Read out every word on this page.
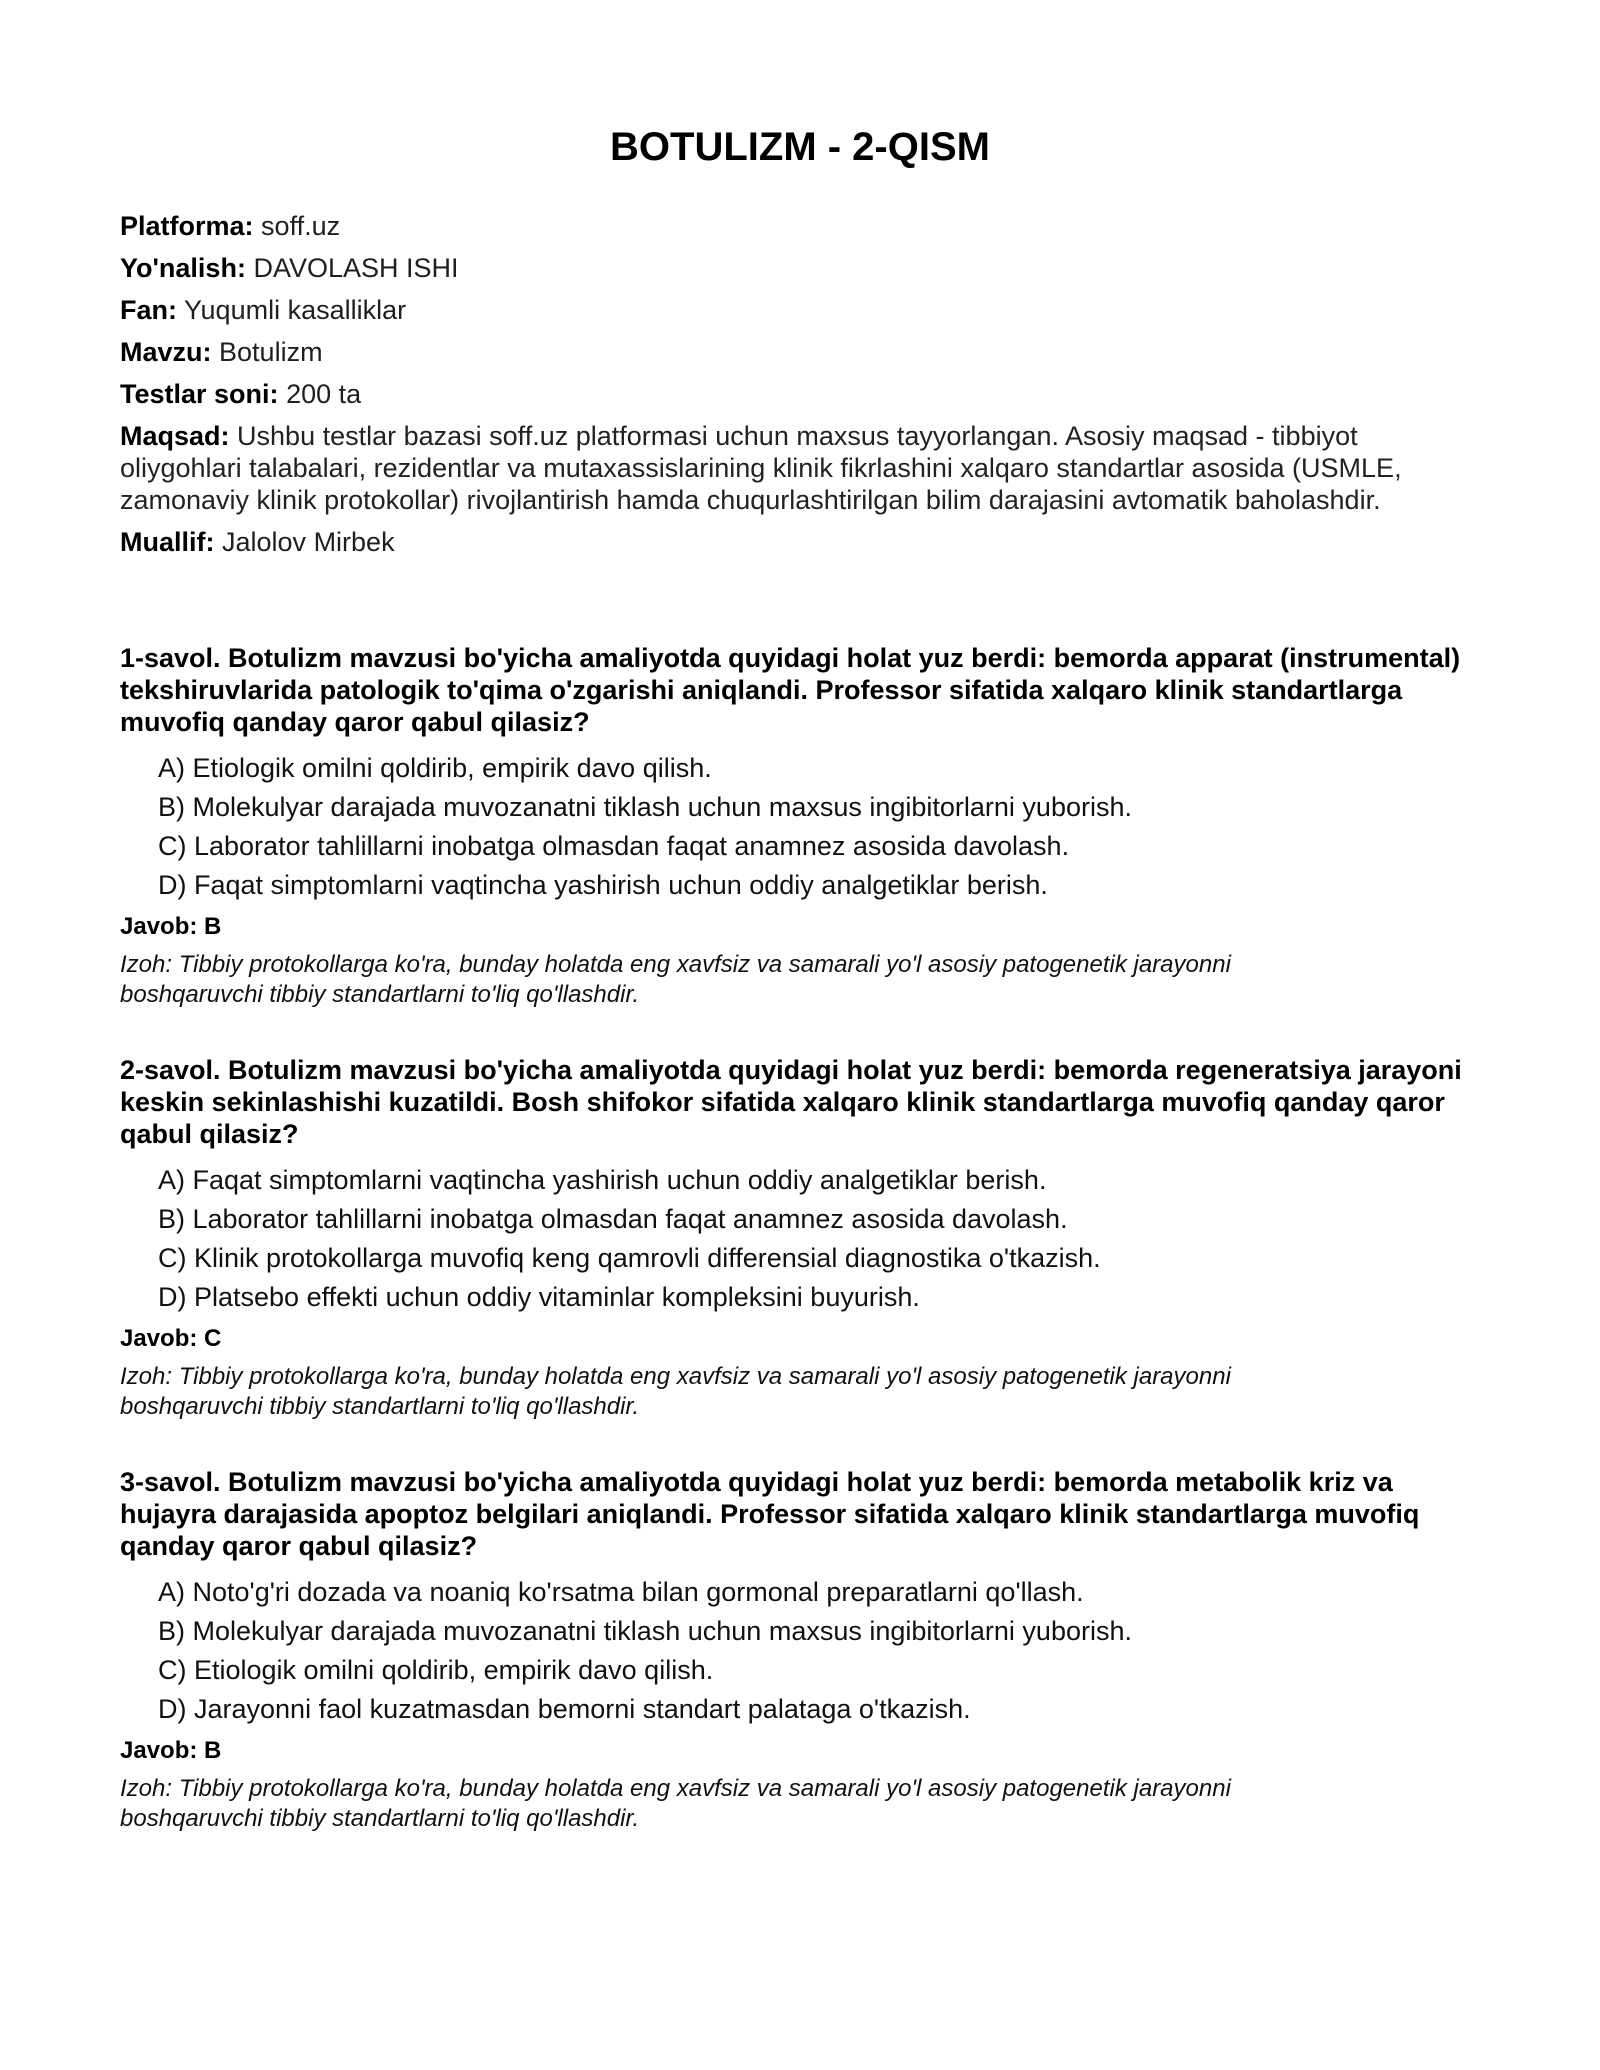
BOTULIZM - 2-QISM

Platforma: soff.uz

Yo'nalish: DAVOLASH ISHI

Fan: Yuqumli kasalliklar

Mavzu: Botulizm

Testlar soni: 200 ta

Maqsad: Ushbu testlar bazasi soff.uz platformasi uchun maxsus tayyorlangan. Asosiy maqsad - tibbiyot oliygohlari talabalari, rezidentlar va mutaxassislarining klinik fikrlashini xalqaro standartlar asosida (USMLE, zamonaviy klinik protokollar) rivojlantirish hamda chuqurlashtirilgan bilim darajasini avtomatik baholashdir.

Muallif: Jalolov Mirbek

1-savol. Botulizm mavzusi bo'yicha amaliyotda quyidagi holat yuz berdi: bemorda apparat (instrumental) tekshiruvlarida patologik to'qima o'zgarishi aniqlandi. Professor sifatida xalqaro klinik standartlarga muvofiq qanday qaror qabul qilasiz?

A) Etiologik omilni qoldirib, empirik davo qilish.
B) Molekulyar darajada muvozanatni tiklash uchun maxsus ingibitorlarni yuborish.
C) Laborator tahlillarni inobatga olmasdan faqat anamnez asosida davolash.
D) Faqat simptomlarni vaqtincha yashirish uchun oddiy analgetiklar berish.

Javob: B

Izoh: Tibbiy protokollarga ko'ra, bunday holatda eng xavfsiz va samarali yo'l asosiy patogenetik jarayonni boshqaruvchi tibbiy standartlarni to'liq qo'llashdir.

2-savol. Botulizm mavzusi bo'yicha amaliyotda quyidagi holat yuz berdi: bemorda regeneratsiya jarayoni keskin sekinlashishi kuzatildi. Bosh shifokor sifatida xalqaro klinik standartlarga muvofiq qanday qaror qabul qilasiz?

A) Faqat simptomlarni vaqtincha yashirish uchun oddiy analgetiklar berish.
B) Laborator tahlillarni inobatga olmasdan faqat anamnez asosida davolash.
C) Klinik protokollarga muvofiq keng qamrovli differensial diagnostika o'tkazish.
D) Platsebo effekti uchun oddiy vitaminlar kompleksini buyurish.

Javob: C

Izoh: Tibbiy protokollarga ko'ra, bunday holatda eng xavfsiz va samarali yo'l asosiy patogenetik jarayonni boshqaruvchi tibbiy standartlarni to'liq qo'llashdir.

3-savol. Botulizm mavzusi bo'yicha amaliyotda quyidagi holat yuz berdi: bemorda metabolik kriz va hujayra darajasida apoptoz belgilari aniqlandi. Professor sifatida xalqaro klinik standartlarga muvofiq qanday qaror qabul qilasiz?

A) Noto'g'ri dozada va noaniq ko'rsatma bilan gormonal preparatlarni qo'llash.
B) Molekulyar darajada muvozanatni tiklash uchun maxsus ingibitorlarni yuborish.
C) Etiologik omilni qoldirib, empirik davo qilish.
D) Jarayonni faol kuzatmasdan bemorni standart palataga o'tkazish.

Javob: B

Izoh: Tibbiy protokollarga ko'ra, bunday holatda eng xavfsiz va samarali yo'l asosiy patogenetik jarayonni boshqaruvchi tibbiy standartlarni to'liq qo'llashdir.
